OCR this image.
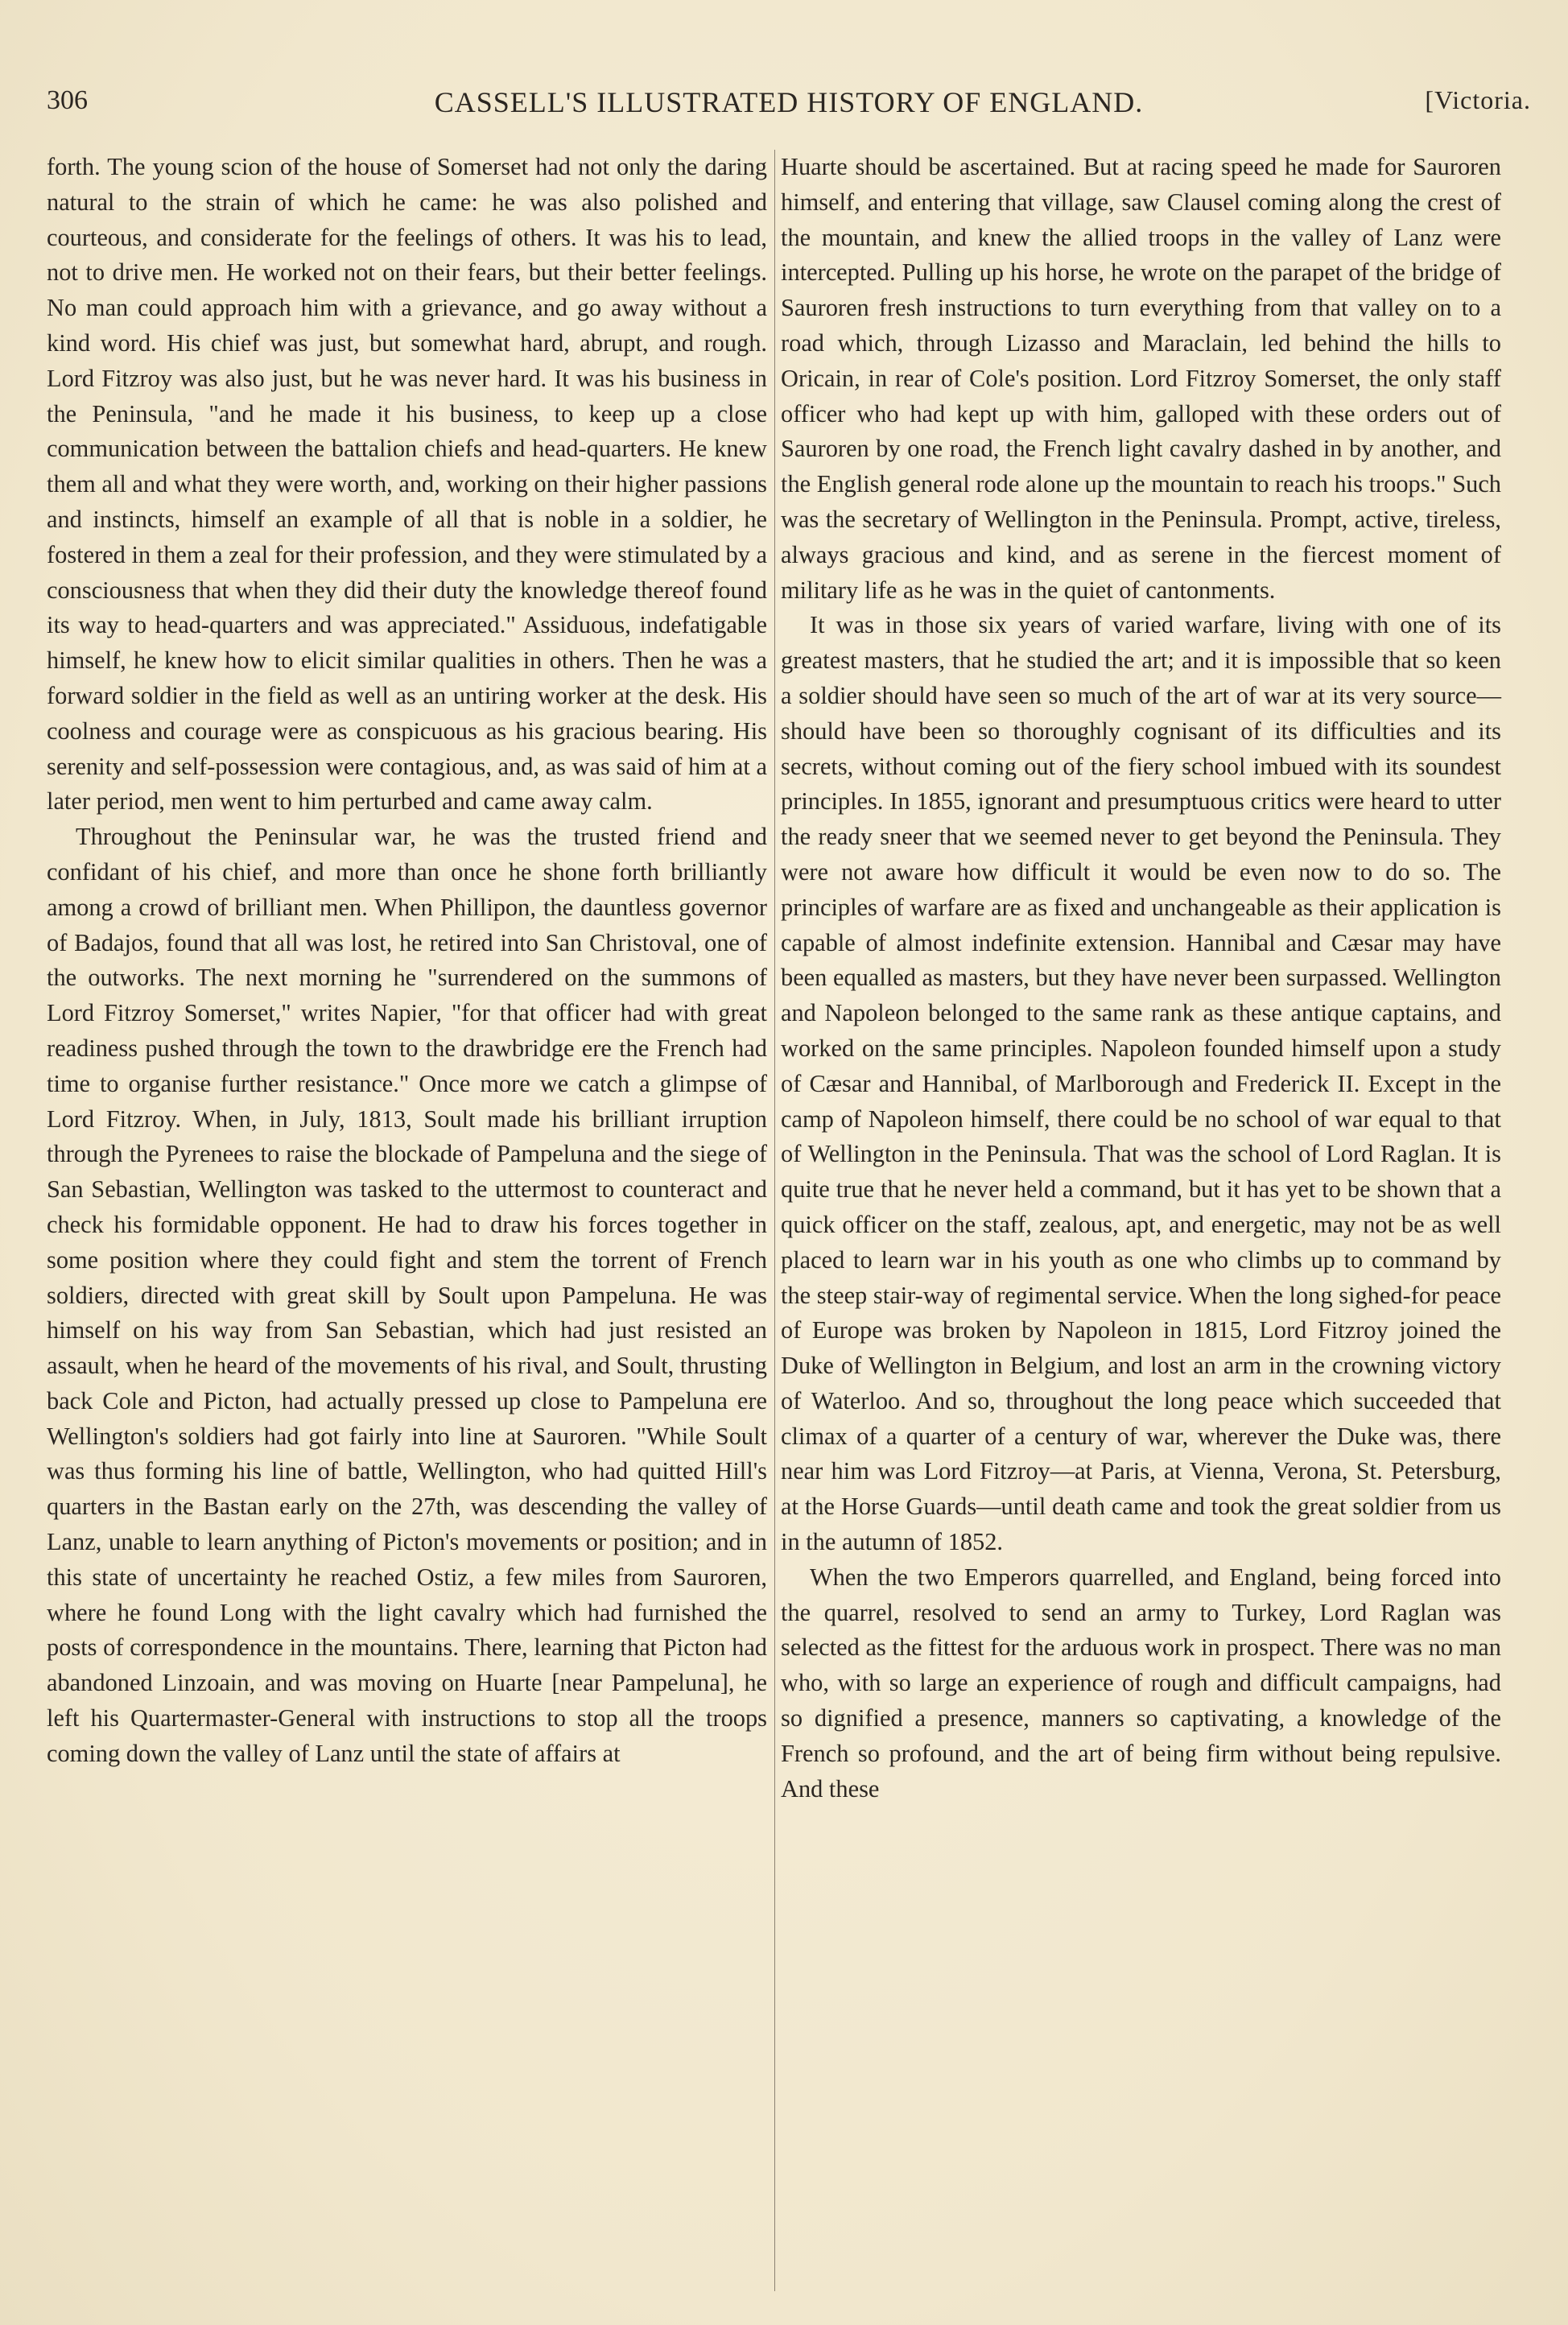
306	CASSELL'S ILLUSTRATED HISTORY OF ENGLAND.	[Victoria.

forth. The young scion of the house of Somerset had not only the daring natural to the strain of which he came: he was also polished and courteous, and considerate for the feelings of others. It was his to lead, not to drive men. He worked not on their fears, but their better feelings. No man could approach him with a grievance, and go away without a kind word. His chief was just, but somewhat hard, abrupt, and rough. Lord Fitzroy was also just, but he was never hard. It was his business in the Peninsula, "and he made it his business, to keep up a close communication between the battalion chiefs and head-quarters. He knew them all and what they were worth, and, working on their higher passions and instincts, himself an example of all that is noble in a soldier, he fostered in them a zeal for their profession, and they were stimulated by a consciousness that when they did their duty the knowledge thereof found its way to head-quarters and was appreciated." Assiduous, indefatigable himself, he knew how to elicit similar qualities in others. Then he was a forward soldier in the field as well as an untiring worker at the desk. His coolness and courage were as conspicuous as his gracious bearing. His serenity and self-possession were contagious, and, as was said of him at a later period, men went to him perturbed and came away calm.

Throughout the Peninsular war, he was the trusted friend and confidant of his chief, and more than once he shone forth brilliantly among a crowd of brilliant men. When Phillipon, the dauntless governor of Badajos, found that all was lost, he retired into San Christoval, one of the outworks. The next morning he "surrendered on the summons of Lord Fitzroy Somerset," writes Napier, "for that officer had with great readiness pushed through the town to the drawbridge ere the French had time to organise further resistance." Once more we catch a glimpse of Lord Fitzroy. When, in July, 1813, Soult made his brilliant irruption through the Pyrenees to raise the blockade of Pampeluna and the siege of San Sebastian, Wellington was tasked to the uttermost to counteract and check his formidable opponent. He had to draw his forces together in some position where they could fight and stem the torrent of French soldiers, directed with great skill by Soult upon Pampeluna. He was himself on his way from San Sebastian, which had just resisted an assault, when he heard of the movements of his rival, and Soult, thrusting back Cole and Picton, had actually pressed up close to Pampeluna ere Wellington's soldiers had got fairly into line at Sauroren. "While Soult was thus forming his line of battle, Wellington, who had quitted Hill's quarters in the Bastan early on the 27th, was descending the valley of Lanz, unable to learn anything of Picton's movements or position; and in this state of uncertainty he reached Ostiz, a few miles from Sauroren, where he found Long with the light cavalry which had furnished the posts of correspondence in the mountains. There, learning that Picton had abandoned Linzoain, and was moving on Huarte [near Pampeluna], he left his Quartermaster-General with instructions to stop all the troops coming down the valley of Lanz until the state of affairs at

Huarte should be ascertained. But at racing speed he made for Sauroren himself, and entering that village, saw Clausel coming along the crest of the mountain, and knew the allied troops in the valley of Lanz were intercepted. Pulling up his horse, he wrote on the parapet of the bridge of Sauroren fresh instructions to turn everything from that valley on to a road which, through Lizasso and Maraclain, led behind the hills to Oricain, in rear of Cole's position. Lord Fitzroy Somerset, the only staff officer who had kept up with him, galloped with these orders out of Sauroren by one road, the French light cavalry dashed in by another, and the English general rode alone up the mountain to reach his troops." Such was the secretary of Wellington in the Peninsula. Prompt, active, tireless, always gracious and kind, and as serene in the fiercest moment of military life as he was in the quiet of cantonments.

It was in those six years of varied warfare, living with one of its greatest masters, that he studied the art; and it is impossible that so keen a soldier should have seen so much of the art of war at its very source—should have been so thoroughly cognisant of its difficulties and its secrets, without coming out of the fiery school imbued with its soundest principles. In 1855, ignorant and presumptuous critics were heard to utter the ready sneer that we seemed never to get beyond the Peninsula. They were not aware how difficult it would be even now to do so. The principles of warfare are as fixed and unchangeable as their application is capable of almost indefinite extension. Hannibal and Cæsar may have been equalled as masters, but they have never been surpassed. Wellington and Napoleon belonged to the same rank as these antique captains, and worked on the same principles. Napoleon founded himself upon a study of Cæsar and Hannibal, of Marlborough and Frederick II. Except in the camp of Napoleon himself, there could be no school of war equal to that of Wellington in the Peninsula. That was the school of Lord Raglan. It is quite true that he never held a command, but it has yet to be shown that a quick officer on the staff, zealous, apt, and energetic, may not be as well placed to learn war in his youth as one who climbs up to command by the steep stair-way of regimental service. When the long sighed-for peace of Europe was broken by Napoleon in 1815, Lord Fitzroy joined the Duke of Wellington in Belgium, and lost an arm in the crowning victory of Waterloo. And so, throughout the long peace which succeeded that climax of a quarter of a century of war, wherever the Duke was, there near him was Lord Fitzroy—at Paris, at Vienna, Verona, St. Petersburg, at the Horse Guards—until death came and took the great soldier from us in the autumn of 1852.

When the two Emperors quarrelled, and England, being forced into the quarrel, resolved to send an army to Turkey, Lord Raglan was selected as the fittest for the arduous work in prospect. There was no man who, with so large an experience of rough and difficult campaigns, had so dignified a presence, manners so captivating, a knowledge of the French so profound, and the art of being firm without being repulsive. And these
